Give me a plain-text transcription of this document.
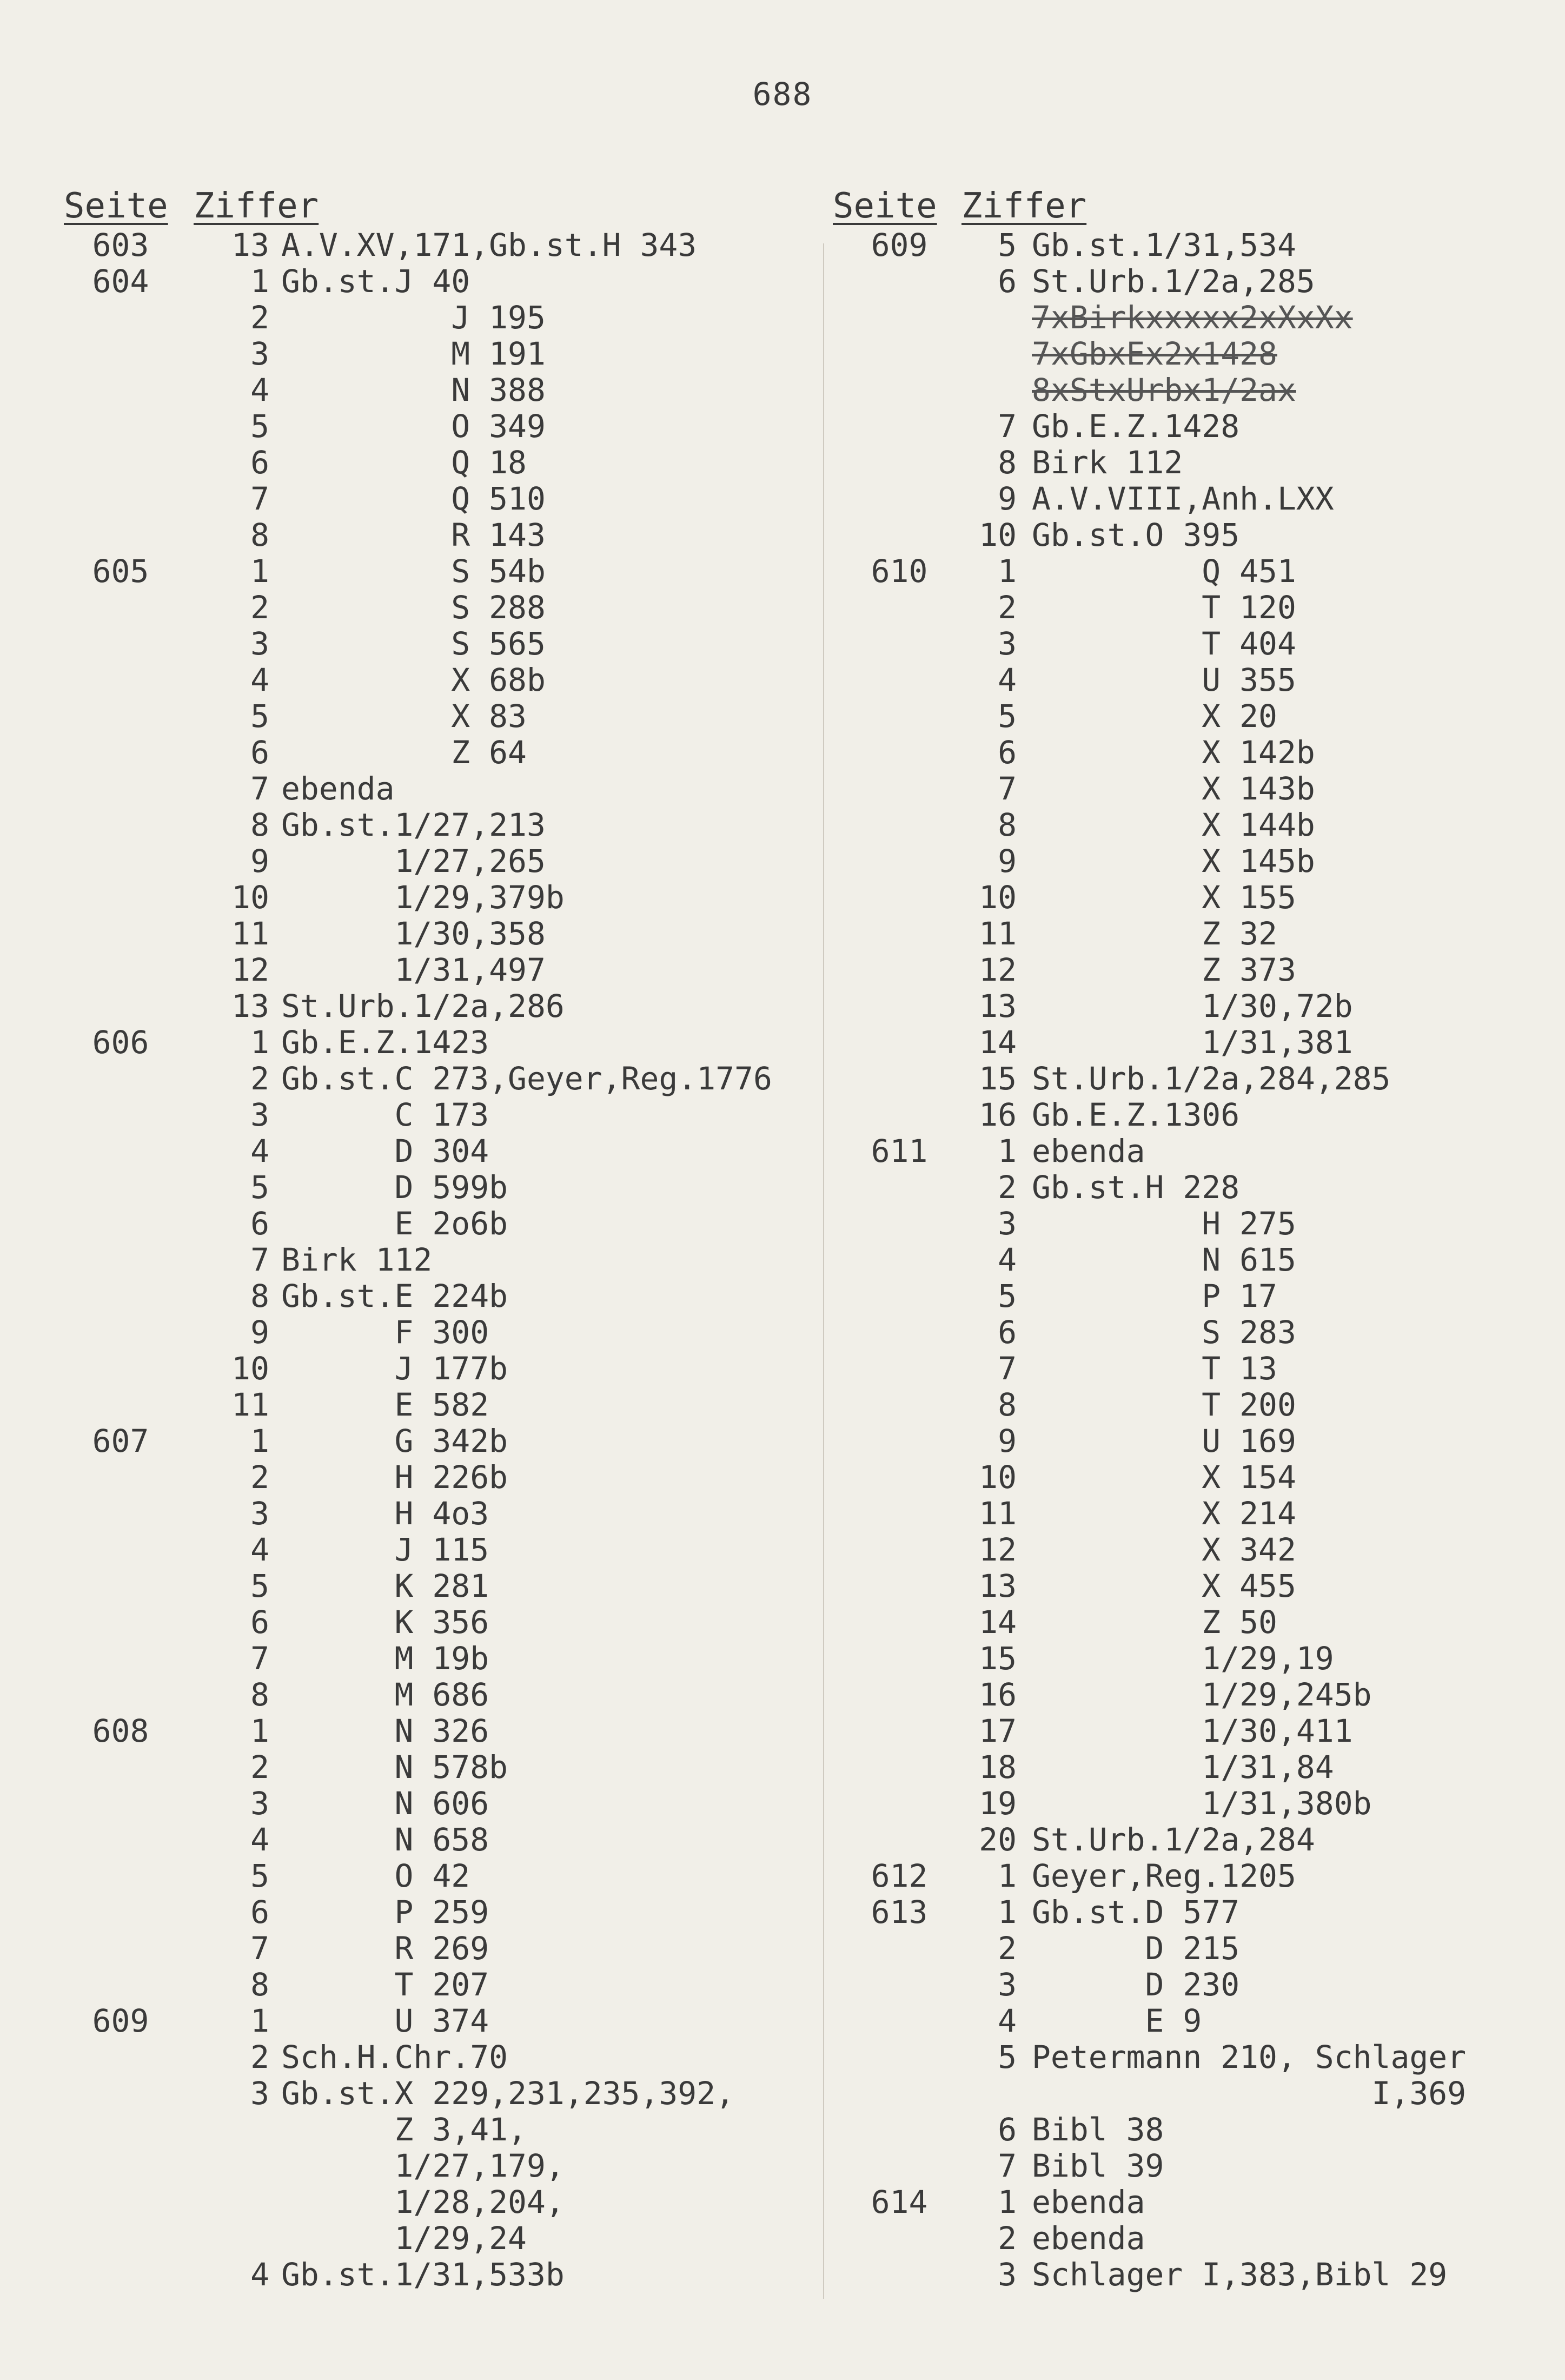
688
Seite Ziffer
603	13 A.V.XV,171,Gb.st.H 343
604	1 Gb.st.J 40
2 J 195
3 M 191
4 N 388
5 O 349
6 Q 18
7 Q 510
8 R 143
605	1 S 54b
2 S 288
3 S 565
4 X 68b
5 X 83
6 Z 64
7 ebenda
8 Gb.st.1/27,213
9 1/27,265
10 1/29,379b
11 1/30,358
12 1/31,497
13 St.Urb.1/2a,286
606	1 Gb.E.Z.1423
2 Gb.st.C 273,Geyer,Reg.1776
3 C 173
4 D 304
5 D 599b
6 E 2o6b
7 Birk 112
8 Gb.st.E 224b
9 F 300
10 J 177b
11 E 582
607	1 G 342b
2 H 226b
3 H 4o3
4 J 115
5 K 281
6 K 356
7 M 19b
8 M 686
608	1 N 326
2 N 578b
3 N 606
4 N 658
5 O 42
6 P 259
7 R 269
8 T 207
609	1 U 374
2 Sch.H.Chr.70
3 Gb.st.X 229,231,235,392,
Z 3,41,
1/27,179,
1/28,204,
1/29,24
4 Gb.st.1/31,533b
Seite Ziffer
609	5 Gb.st.1/31,534
6 St.Urb.1/2a,285
7xBirkxxxxx2xXxXx
7xGbxEx2x1428
8xStxUrbx1/2ax
7 Gb.E.Z.1428
8 Birk 112
9 A.V.VIII,Anh.LXX
10 Gb.st.O 395
610	1 Q 451
2 T 120
3 T 404
4 U 355
5 X 20
6 X 142b
7 X 143b
8 X 144b
9 X 145b
10 X 155
11 Z 32
12 Z 373
13 1/30,72b
14 1/31,381
15 St.Urb.1/2a,284,285
16 Gb.E.Z.1306
611	1 ebenda
2 Gb.st.H 228
3 H 275
4 N 615
5 P 17
6 S 283
7 T 13
8 T 200
9 U 169
10 X 154
11 X 214
12 X 342
13 X 455
14 Z 50
15 1/29,19
16 1/29,245b
17 1/30,411
18 1/31,84
19 1/31,380b
20 St.Urb.1/2a,284
612	1 Geyer,Reg.1205
613	1 Gb.st.D 577
2 D 215
3 D 230
4 E 9
5 Petermann 210, Schlager
I,369
6 Bibl 38
7 Bibl 39
614	1 ebenda
2 ebenda
3 Schlager I,383,Bibl 29
